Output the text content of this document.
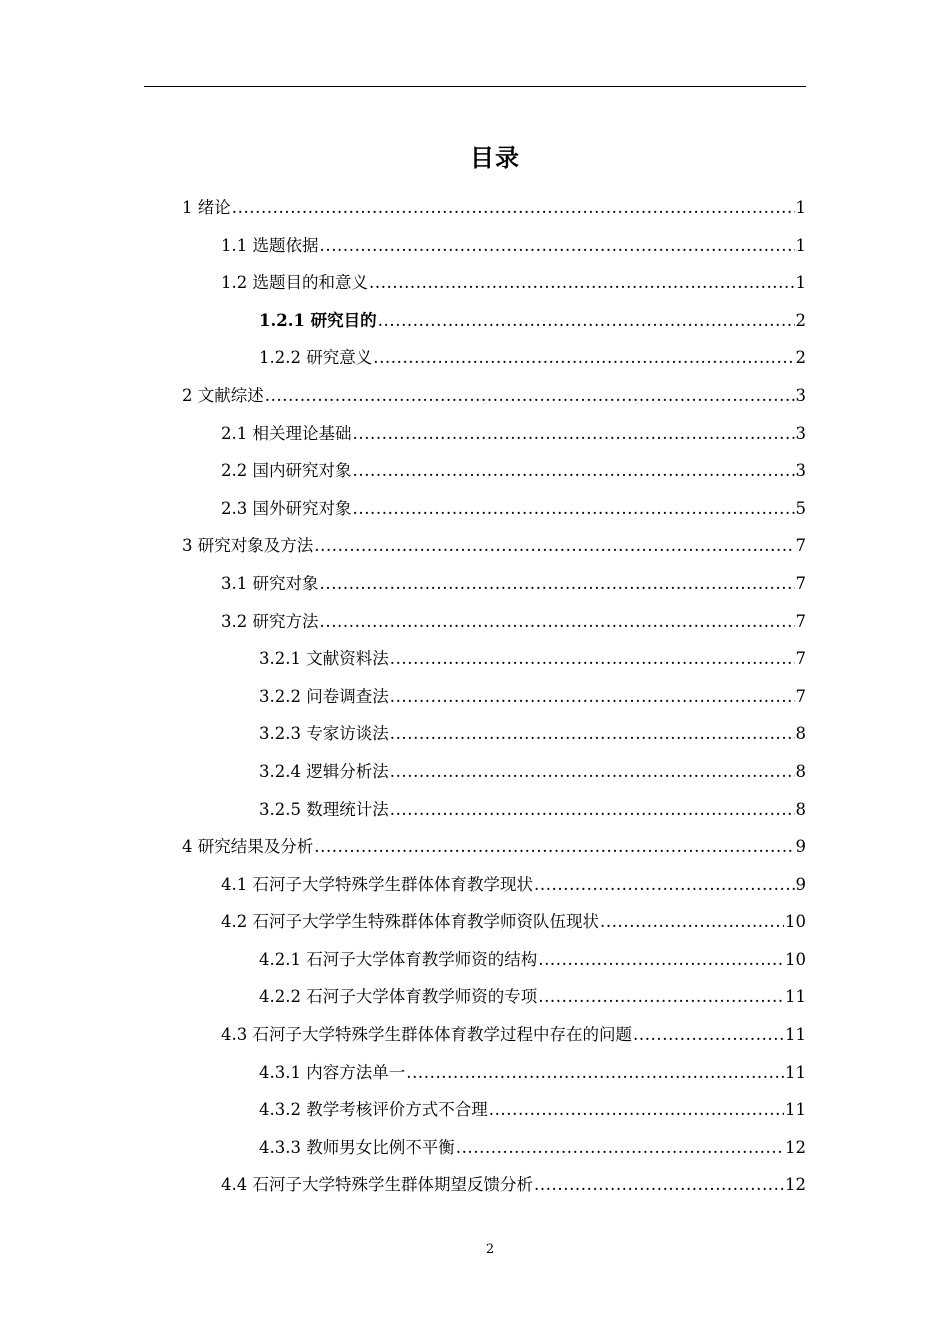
目录
1 绪论 .....	1
1.1 选题依据 .....	1
1.2 选题目的和意义 .....	1
1.2.1 研究目的 .....	2
1.2.2 研究意义 .....	2
2 文献综述 .....	3
2.1 相关理论基础 .....	3
2.2 国内研究对象 .....	3
2.3 国外研究对象 .....	5
3 研究对象及方法 .....	7
3.1 研究对象 .....	7
3.2 研究方法 .....	7
3.2.1 文献资料法 .....	7
3.2.2 问卷调查法 .....	7
3.2.3 专家访谈法 .....	8
3.2.4 逻辑分析法 .....	8
3.2.5 数理统计法 .....	8
4 研究结果及分析 .....	9
4.1 石河子大学特殊学生群体体育教学现状 .....	9
4.2 石河子大学学生特殊群体体育教学师资队伍现状 .....	10
4.2.1 石河子大学体育教学师资的结构 .....	10
4.2.2 石河子大学体育教学师资的专项 .....	11
4.3 石河子大学特殊学生群体体育教学过程中存在的问题 .....	11
4.3.1 内容方法单一 .....	11
4.3.2 教学考核评价方式不合理 .....	11
4.3.3 教师男女比例不平衡 .....	12
4.4 石河子大学特殊学生群体期望反馈分析 .....	12
2
